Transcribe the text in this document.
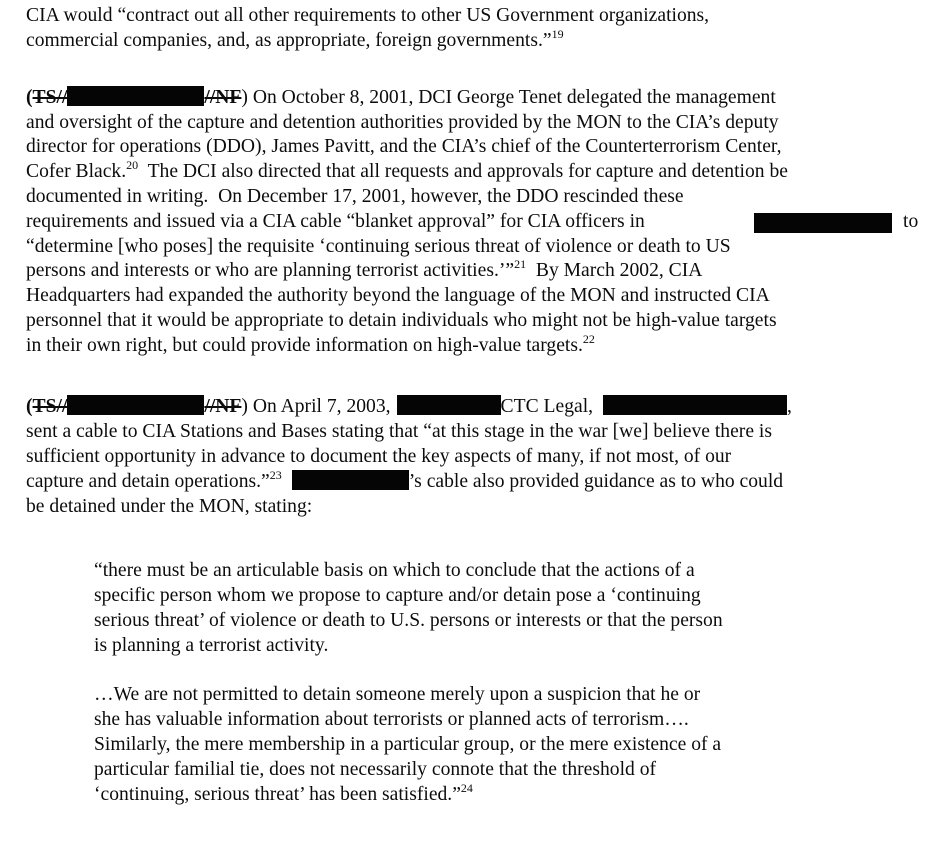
CIA would “contract out all other requirements to other US Government organizations,
commercial companies, and, as appropriate, foreign governments.”$^{19}$
(TS//	//NF) On October 8, 2001, DCI George Tenet delegated the management
and oversight of the capture and detention authorities provided by the MON to the CIA’s deputy
director for operations (DDO), James Pavitt, and the CIA’s chief of the Counterterrorism Center,
Cofer Black.$^{20}$  The DCI also directed that all requests and approvals for capture and detention be
documented in writing.  On December 17, 2001, however, the DDO rescinded these
requirements and issued via a CIA cable “blanket approval” for CIA officers in	to
“determine [who poses] the requisite ‘continuing serious threat of violence or death to US
persons and interests or who are planning terrorist activities.’”$^{21}$  By March 2002, CIA
Headquarters had expanded the authority beyond the language of the MON and instructed CIA
personnel that it would be appropriate to detain individuals who might not be high-value targets
in their own right, but could provide information on high-value targets.$^{22}$
(TS//	//NF) On April 7, 2003,	CTC Legal,	,
sent a cable to CIA Stations and Bases stating that “at this stage in the war [we] believe there is
sufficient opportunity in advance to document the key aspects of many, if not most, of our
capture and detain operations.”$^{23}$	’s cable also provided guidance as to who could
be detained under the MON, stating:
“there must be an articulable basis on which to conclude that the actions of a
specific person whom we propose to capture and/or detain pose a ‘continuing
serious threat’ of violence or death to U.S. persons or interests or that the person
is planning a terrorist activity.
…We are not permitted to detain someone merely upon a suspicion that he or
she has valuable information about terrorists or planned acts of terrorism….
Similarly, the mere membership in a particular group, or the mere existence of a
particular familial tie, does not necessarily connote that the threshold of
‘continuing, serious threat’ has been satisfied.”$^{24}$
